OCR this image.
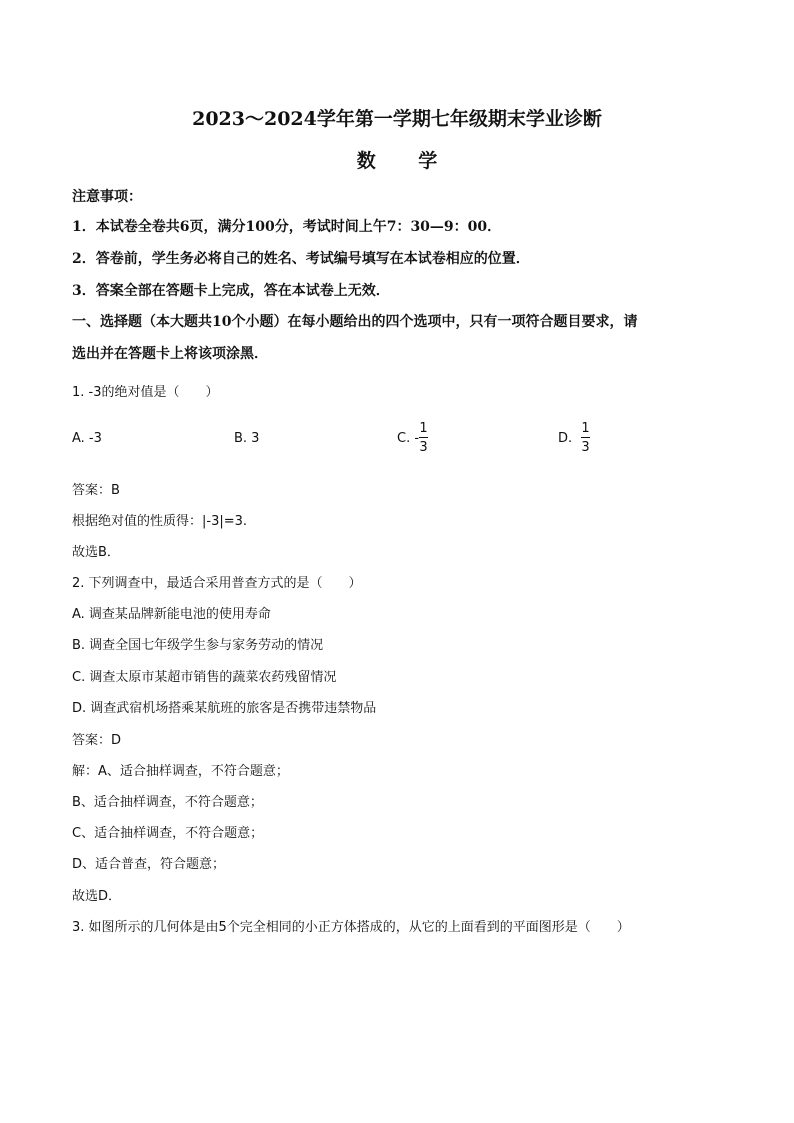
2023～2024学年第一学期七年级期末学业诊断
数 学
注意事项：
1．本试卷全卷共6页，满分100分，考试时间上午7：30—9：00．
2．答卷前，学生务必将自己的姓名、考试编号填写在本试卷相应的位置．
3．答案全部在答题卡上完成，答在本试卷上无效．
一、选择题（本大题共10个小题）在每小题给出的四个选项中，只有一项符合题目要求，请
选出并在答题卡上将该项涂黑．
1. -3的绝对值是（　　）
A. -3	B. 3	C. -
1
3
D.
1
3
答案：B
根据绝对值的性质得：|-3|=3.
故选B．
2. 下列调查中，最适合采用普查方式的是（　　）
A. 调查某品牌新能电池的使用寿命
B. 调查全国七年级学生参与家务劳动的情况
C. 调查太原市某超市销售的蔬菜农药残留情况
D. 调查武宿机场搭乘某航班的旅客是否携带违禁物品
答案：D
解：A、适合抽样调查，不符合题意；
B、适合抽样调查，不符合题意；
C、适合抽样调查，不符合题意；
D、适合普查，符合题意；
故选D．
3. 如图所示的几何体是由5个完全相同的小正方体搭成的，从它的上面看到的平面图形是（　　）
